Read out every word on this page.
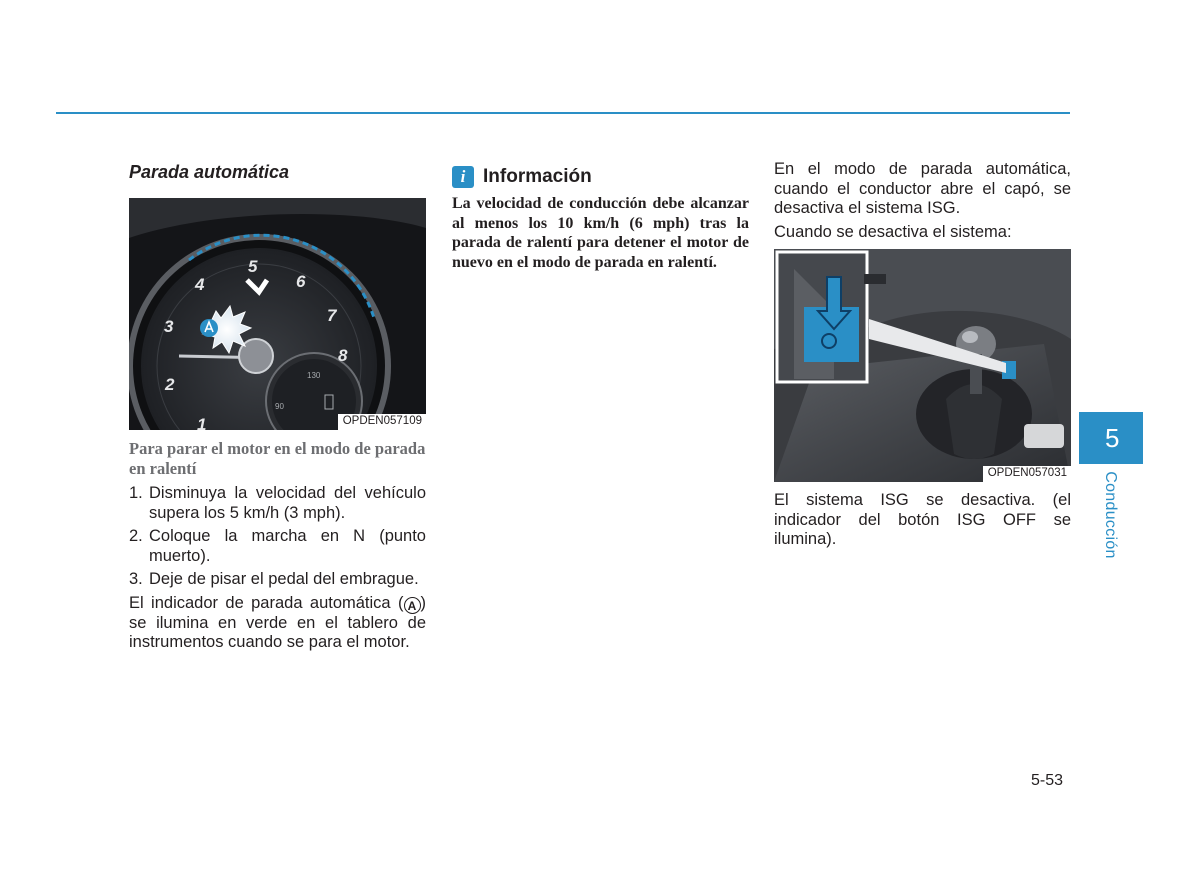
Parada automática
1
2
3
4
5
6
7
8
90
130
OPDEN057109
Para parar el motor en el modo de parada en ralentí
1. Disminuya la velocidad del vehículo supera los 5 km/h (3 mph).
2. Coloque la marcha en N (punto muerto).
3. Deje de pisar el pedal del embrague.

El indicador de parada automática ( A ) se ilumina en verde en el tablero de instrumentos cuando se para el motor.

i Información

La velocidad de conducción debe alcanzar al menos los 10 km/h (6 mph) tras la parada de ralentí para detener el motor de nuevo en el modo de parada en ralentí.

En el modo de parada automática, cuando el conductor abre el capó, se desactiva el sistema ISG.

Cuando se desactiva el sistema:

OPDEN057031

El sistema ISG se desactiva. (el indicador del botón ISG OFF se ilumina).

5
Conducción
5-53
